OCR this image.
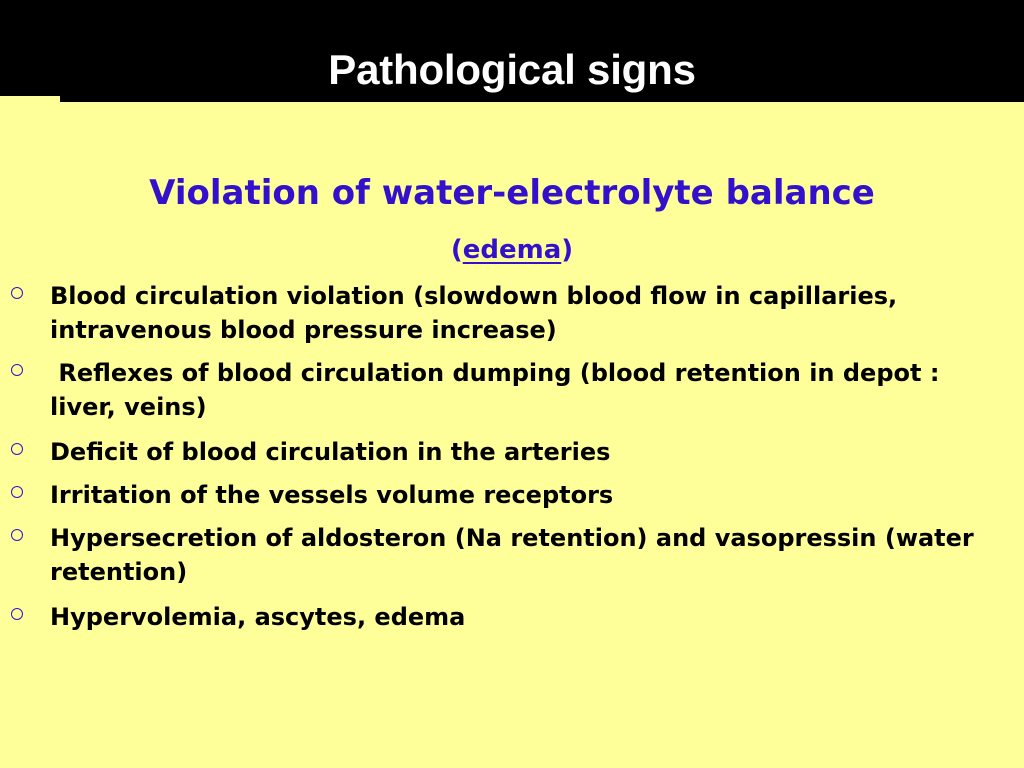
Pathological signs
Violation of water-electrolyte balance
(edema)
Blood circulation violation (slowdown blood flow in capillaries, intravenous blood pressure increase)
Reflexes of blood circulation dumping (blood retention in depot : liver, veins)
Deficit of blood circulation in the arteries
Irritation of the vessels volume receptors
Hypersecretion of aldosteron (Na retention) and vasopressin (water retention)
Hypervolemia, ascytes, edema
